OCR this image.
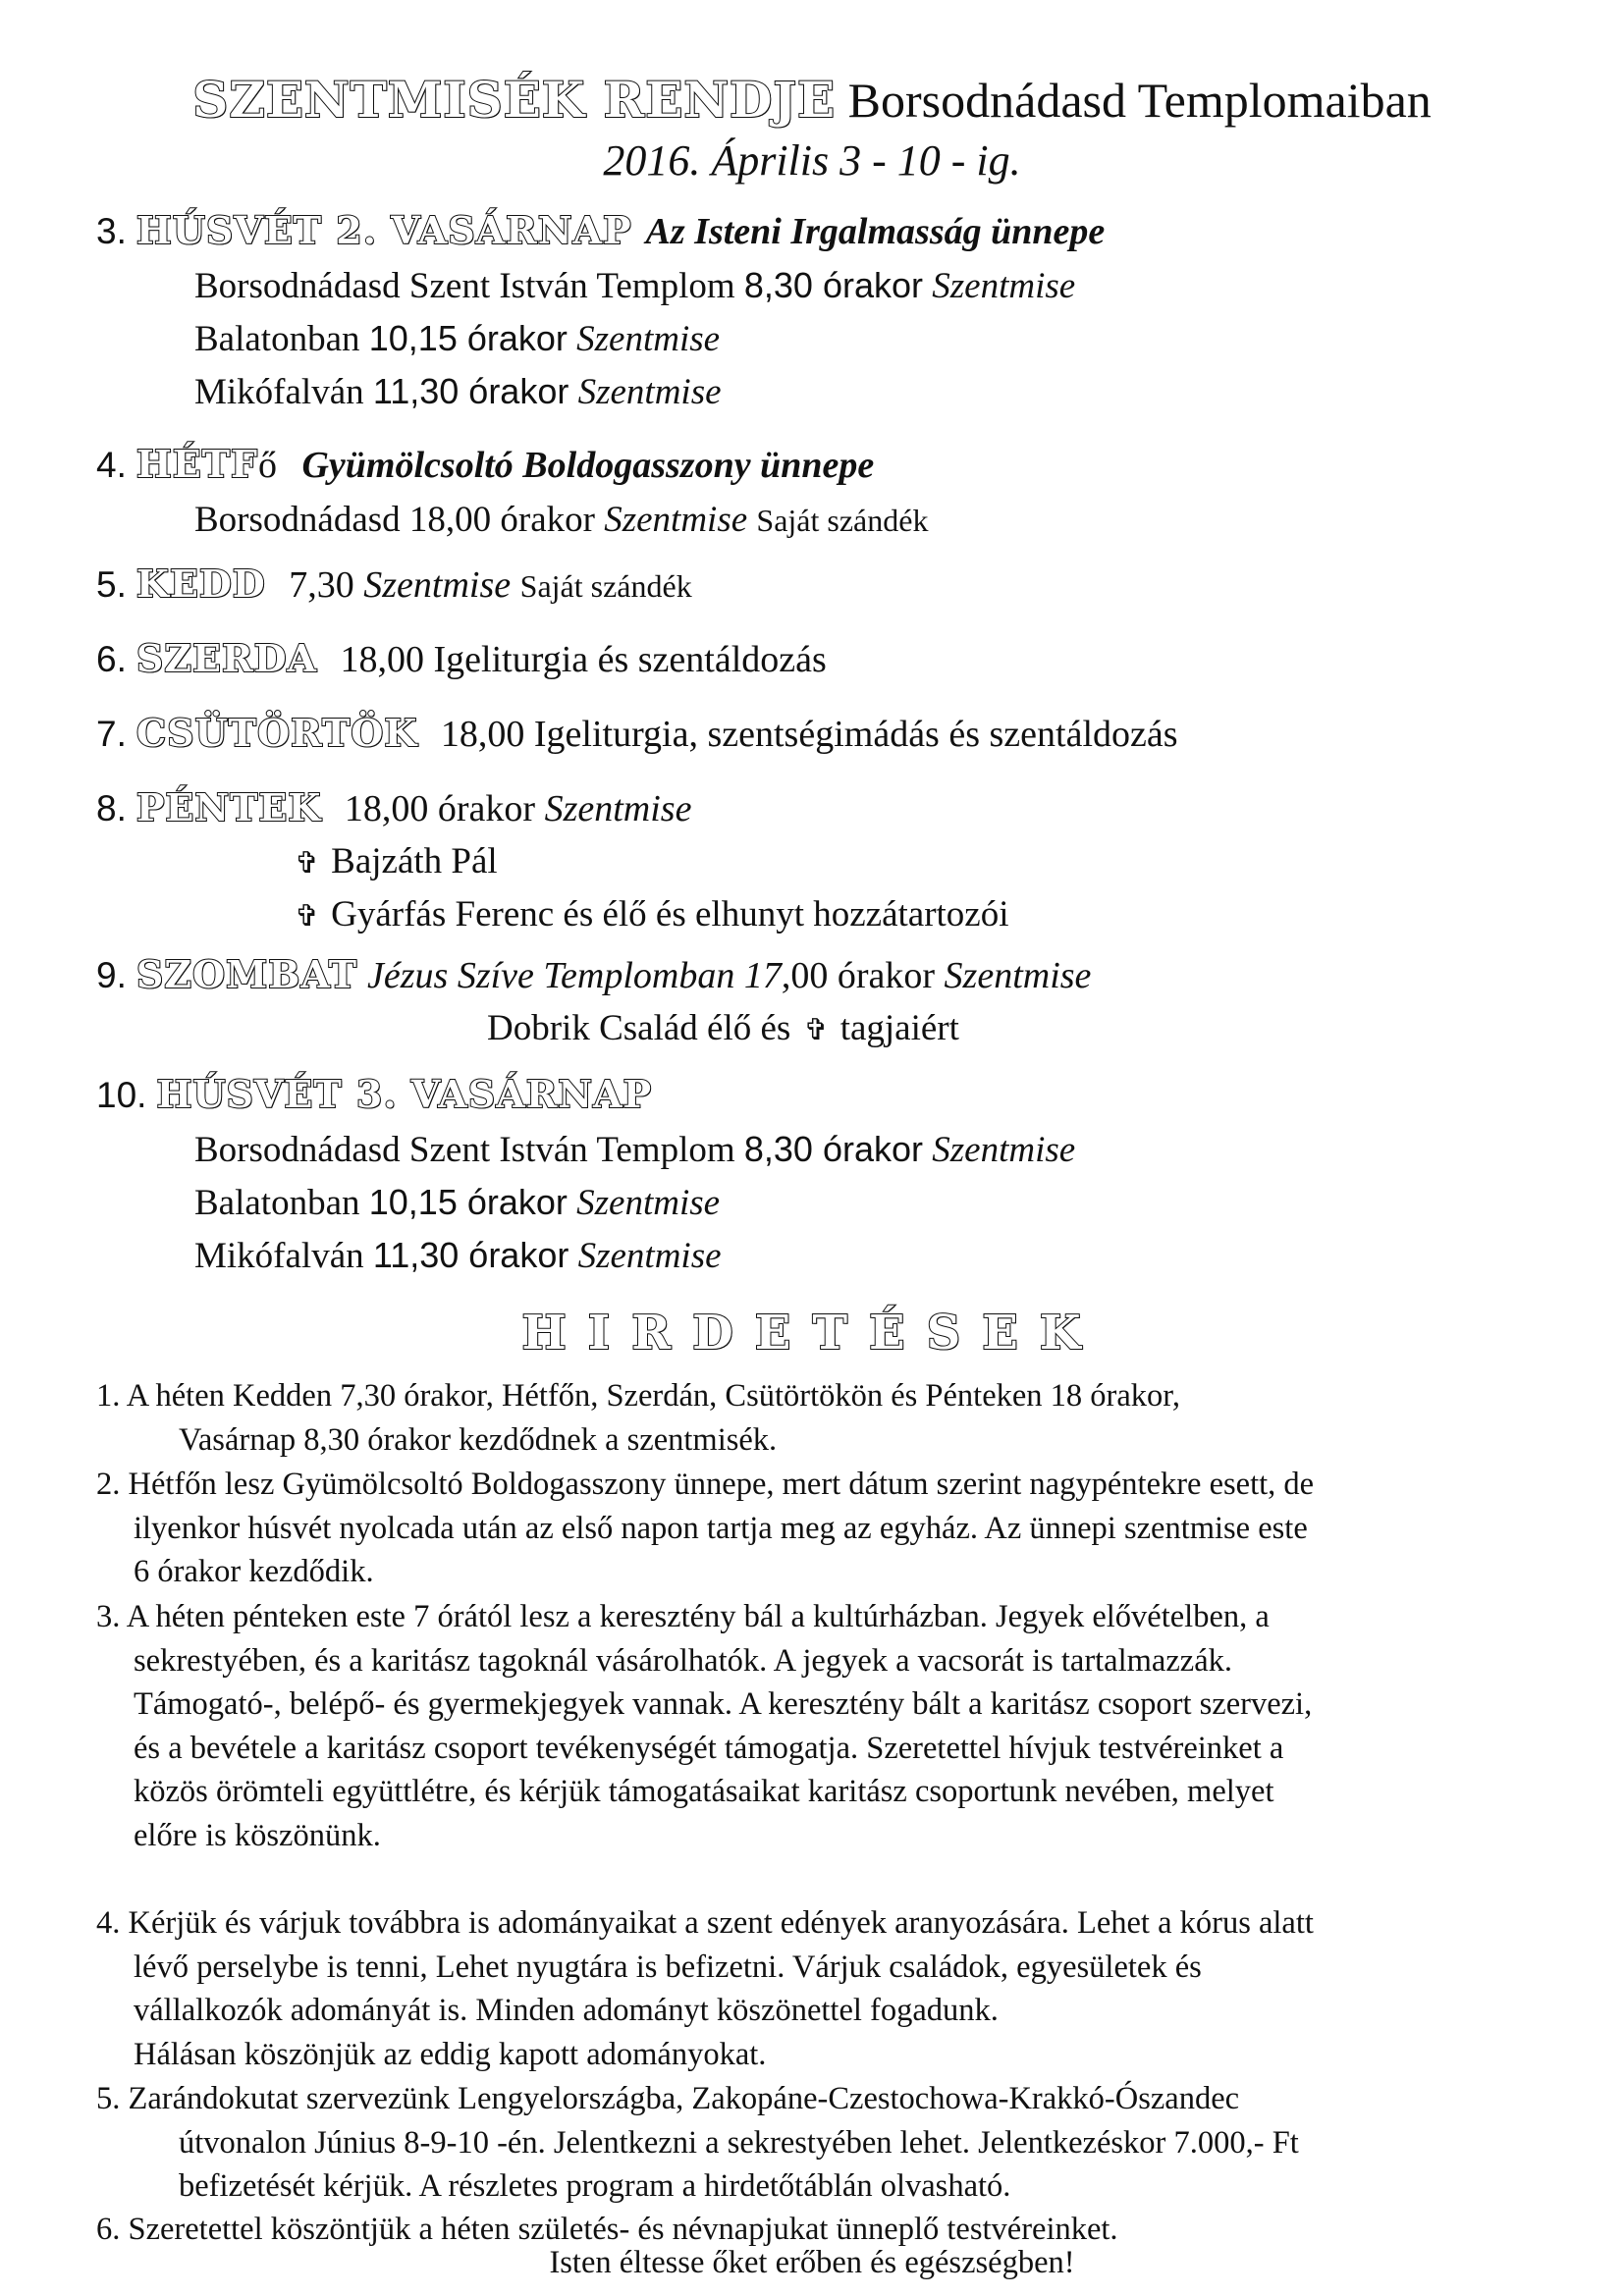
SZENTMISÉK RENDJE Borsodnádasd Templomaiban
2016. Április 3 - 10 - ig.
3. HÚSVÉT 2. VASÁRNAP Az Isteni Irgalmasság ünnepe
Borsodnádasd Szent István Templom 8,30 órakor Szentmise
Balatonban 10,15 órakor Szentmise
Mikófalván 11,30 órakor Szentmise
4. HÉTFő Gyümölcsoltó Boldogasszony ünnepe
Borsodnádasd 18,00 órakor Szentmise Saját szándék
5. KEDD 7,30 Szentmise Saját szándék
6. SZERDA 18,00 Igeliturgia és szentáldozás
7. CSÜTÖRTÖK 18,00 Igeliturgia, szentségimádás és szentáldozás
8. PÉNTEK 18,00 órakor Szentmise
✞ Bajzáth Pál
✞ Gyárfás Ferenc és élő és elhunyt hozzátartozói
9. SZOMBAT Jézus Szíve Templomban 17,00 órakor Szentmise
Dobrik Család élő és ✞ tagjaiért
10. HÚSVÉT 3. VASÁRNAP
Borsodnádasd Szent István Templom 8,30 órakor Szentmise
Balatonban 10,15 órakor Szentmise
Mikófalván 11,30 órakor Szentmise
HIRDETÉSEK

1. A héten Kedden 7,30 órakor, Hétfőn, Szerdán, Csütörtökön és Pénteken 18 órakor,

Vasárnap 8,30 órakor kezdődnek a szentmisék.

2. Hétfőn lesz Gyümölcsoltó Boldogasszony ünnepe, mert dátum szerint nagypéntekre esett, de

ilyenkor húsvét nyolcada után az első napon tartja meg az egyház. Az ünnepi szentmise este

6 órakor kezdődik.

3. A héten pénteken este 7 órától lesz a keresztény bál a kultúrházban. Jegyek elővételben, a

sekrestyében, és a karitász tagoknál vásárolhatók. A jegyek a vacsorát is tartalmazzák.

Támogató-, belépő- és gyermekjegyek vannak. A keresztény bált a karitász csoport szervezi,

és a bevétele a karitász csoport tevékenységét támogatja. Szeretettel hívjuk testvéreinket a

közös örömteli együttlétre, és kérjük támogatásaikat karitász csoportunk nevében, melyet

előre is köszönünk.

4. Kérjük és várjuk továbbra is adományaikat a szent edények aranyozására. Lehet a kórus alatt

lévő perselybe is tenni, Lehet nyugtára is befizetni. Várjuk családok, egyesületek és

vállalkozók adományát is. Minden adományt köszönettel fogadunk.

Hálásan köszönjük az eddig kapott adományokat.

5. Zarándokutat szervezünk Lengyelországba, Zakopáne-Czestochowa-Krakkó-Ószandec

útvonalon Június 8-9-10 -én. Jelentkezni a sekrestyében lehet. Jelentkezéskor 7.000,- Ft

befizetését kérjük. A részletes program a hirdetőtáblán olvasható.

6. Szeretettel köszöntjük a héten születés- és névnapjukat ünneplő testvéreinket.

Isten éltesse őket erőben és egészségben!
